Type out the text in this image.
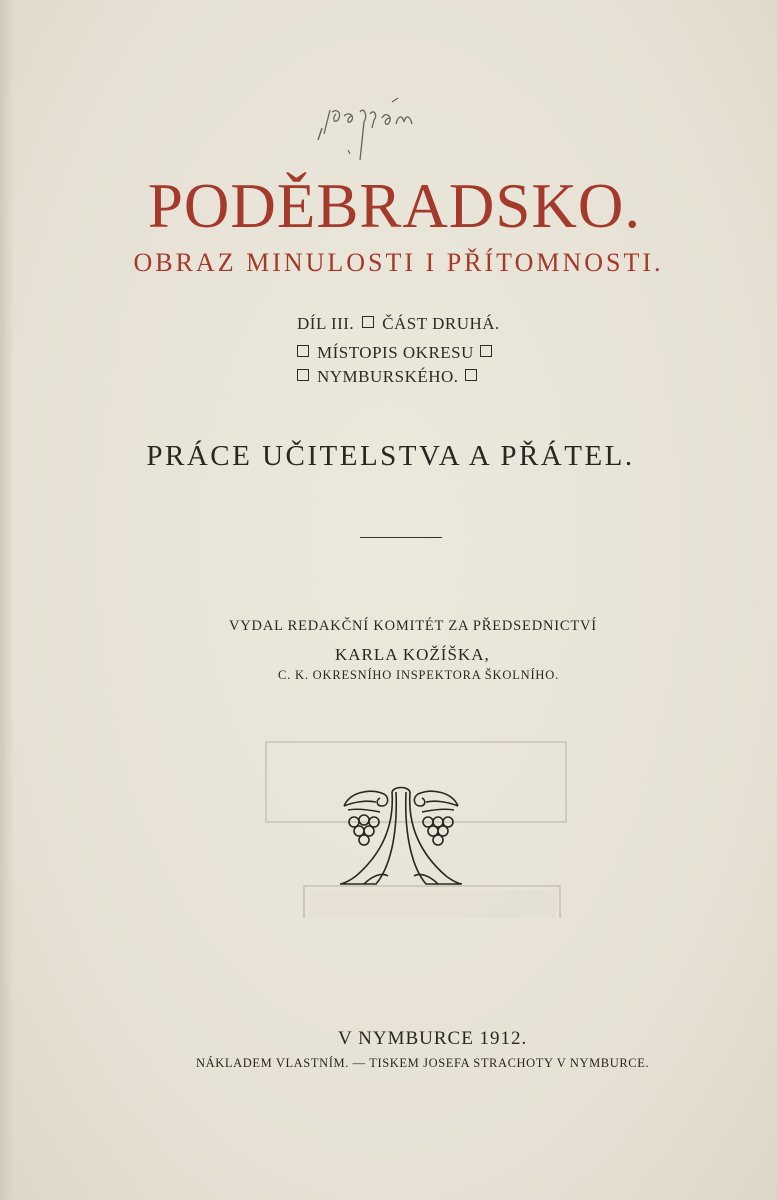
PODĚBRADSKO.
OBRAZ MINULOSTI I PŘÍTOMNOSTI.
DÍL III. ČÁST DRUHÁ.
MÍSTOPIS OKRESU
NYMBURSKÉHO.
PRÁCE UČITELSTVA A PŘÁTEL.
VYDAL REDAKČNÍ KOMITÉT ZA PŘEDSEDNICTVÍ
KARLA KOŽÍŠKA,
C. K. OKRESNÍHO INSPEKTORA ŠKOLNÍHO.
V NYMBURCE 1912.
NÁKLADEM VLASTNÍM. — TISKEM JOSEFA STRACHOTY V NYMBURCE.
